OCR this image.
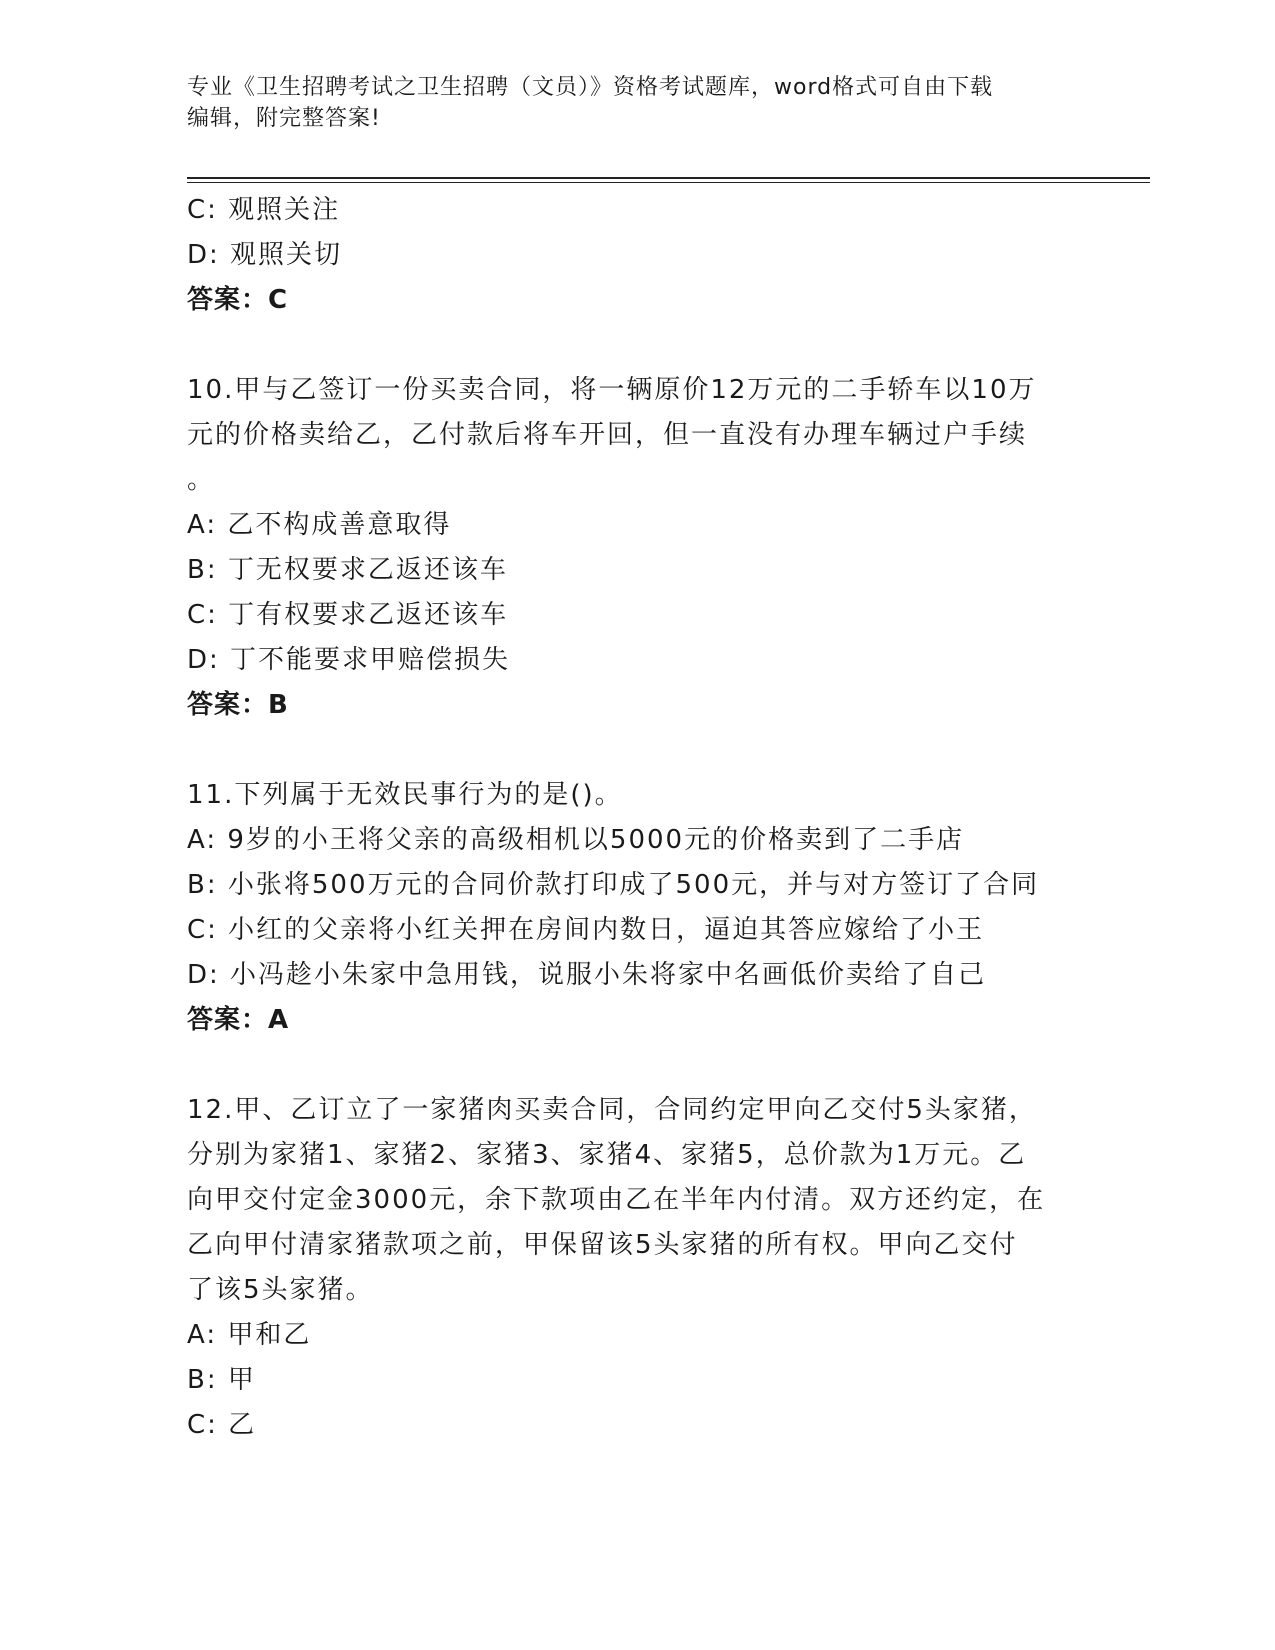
专业《卫生招聘考试之卫生招聘（文员）》资格考试题库，word格式可自由下载
编辑，附完整答案!
C: 观照关注
D: 观照关切
答案：C
10.甲与乙签订一份买卖合同，将一辆原价12万元的二手轿车以10万
元的价格卖给乙，乙付款后将车开回，但一直没有办理车辆过户手续
。
A: 乙不构成善意取得
B: 丁无权要求乙返还该车
C: 丁有权要求乙返还该车
D: 丁不能要求甲赔偿损失
答案：B
11.下列属于无效民事行为的是()。
A: 9岁的小王将父亲的高级相机以5000元的价格卖到了二手店
B: 小张将500万元的合同价款打印成了500元，并与对方签订了合同
C: 小红的父亲将小红关押在房间内数日，逼迫其答应嫁给了小王
D: 小冯趁小朱家中急用钱，说服小朱将家中名画低价卖给了自己
答案：A
12.甲、乙订立了一家猪肉买卖合同，合同约定甲向乙交付5头家猪，
分别为家猪1、家猪2、家猪3、家猪4、家猪5，总价款为1万元。乙
向甲交付定金3000元，余下款项由乙在半年内付清。双方还约定，在
乙向甲付清家猪款项之前，甲保留该5头家猪的所有权。甲向乙交付
了该5头家猪。
A: 甲和乙
B: 甲
C: 乙
